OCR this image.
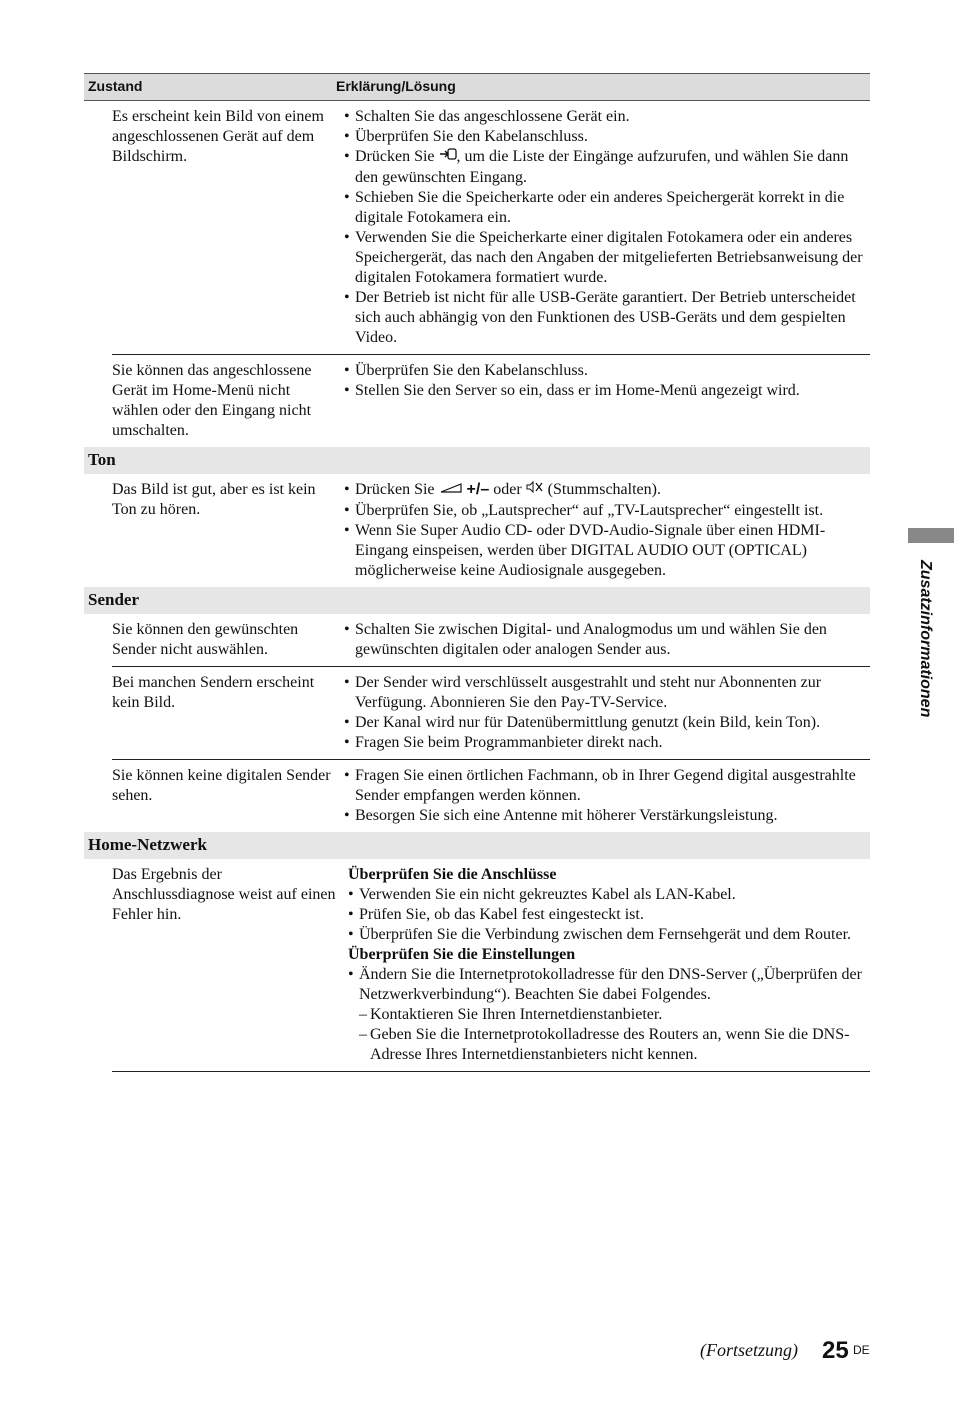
Zustand	Erklärung/Lösung
Es erscheint kein Bild von einem angeschlossenen Gerät auf dem Bildschirm.
• Schalten Sie das angeschlossene Gerät ein.
• Überprüfen Sie den Kabelanschluss.
• Drücken Sie , um die Liste der Eingänge aufzurufen, und wählen Sie dann den gewünschten Eingang.
• Schieben Sie die Speicherkarte oder ein anderes Speichergerät korrekt in die digitale Fotokamera ein.
• Verwenden Sie die Speicherkarte einer digitalen Fotokamera oder ein anderes Speichergerät, das nach den Angaben der mitgelieferten Betriebsanweisung der digitalen Fotokamera formatiert wurde.
• Der Betrieb ist nicht für alle USB-Geräte garantiert. Der Betrieb unterscheidet sich auch abhängig von den Funktionen des USB-Geräts und dem gespielten Video.
Sie können das angeschlossene Gerät im Home-Menü nicht wählen oder den Eingang nicht umschalten.
• Überprüfen Sie den Kabelanschluss.
• Stellen Sie den Server so ein, dass er im Home-Menü angezeigt wird.
Ton
Das Bild ist gut, aber es ist kein Ton zu hören.
• Drücken Sie +/– oder (Stummschalten).
• Überprüfen Sie, ob „Lautsprecher“ auf „TV-Lautsprecher“ eingestellt ist.
• Wenn Sie Super Audio CD- oder DVD-Audio-Signale über einen HDMI-Eingang einspeisen, werden über DIGITAL AUDIO OUT (OPTICAL) möglicherweise keine Audiosignale ausgegeben.
Sender
Sie können den gewünschten Sender nicht auswählen.
• Schalten Sie zwischen Digital- und Analogmodus um und wählen Sie den gewünschten digitalen oder analogen Sender aus.
Bei manchen Sendern erscheint kein Bild.
• Der Sender wird verschlüsselt ausgestrahlt und steht nur Abonnenten zur Verfügung. Abonnieren Sie den Pay-TV-Service.
• Der Kanal wird nur für Datenübermittlung genutzt (kein Bild, kein Ton).
• Fragen Sie beim Programmanbieter direkt nach.
Sie können keine digitalen Sender sehen.
• Fragen Sie einen örtlichen Fachmann, ob in Ihrer Gegend digital ausgestrahlte Sender empfangen werden können.
• Besorgen Sie sich eine Antenne mit höherer Verstärkungsleistung.
Home-Netzwerk
Das Ergebnis der Anschlussdiagnose weist auf einen Fehler hin.
Überprüfen Sie die Anschlüsse
• Verwenden Sie ein nicht gekreuztes Kabel als LAN-Kabel.
• Prüfen Sie, ob das Kabel fest eingesteckt ist.
• Überprüfen Sie die Verbindung zwischen dem Fernsehgerät und dem Router.
Überprüfen Sie die Einstellungen
• Ändern Sie die Internetprotokolladresse für den DNS-Server („Überprüfen der Netzwerkverbindung“). Beachten Sie dabei Folgendes.
– Kontaktieren Sie Ihren Internetdienstanbieter.
– Geben Sie die Internetprotokolladresse des Routers an, wenn Sie die DNS-Adresse Ihres Internetdienstanbieters nicht kennen.
Zusatzinformationen
(Fortsetzung) 25 DE
